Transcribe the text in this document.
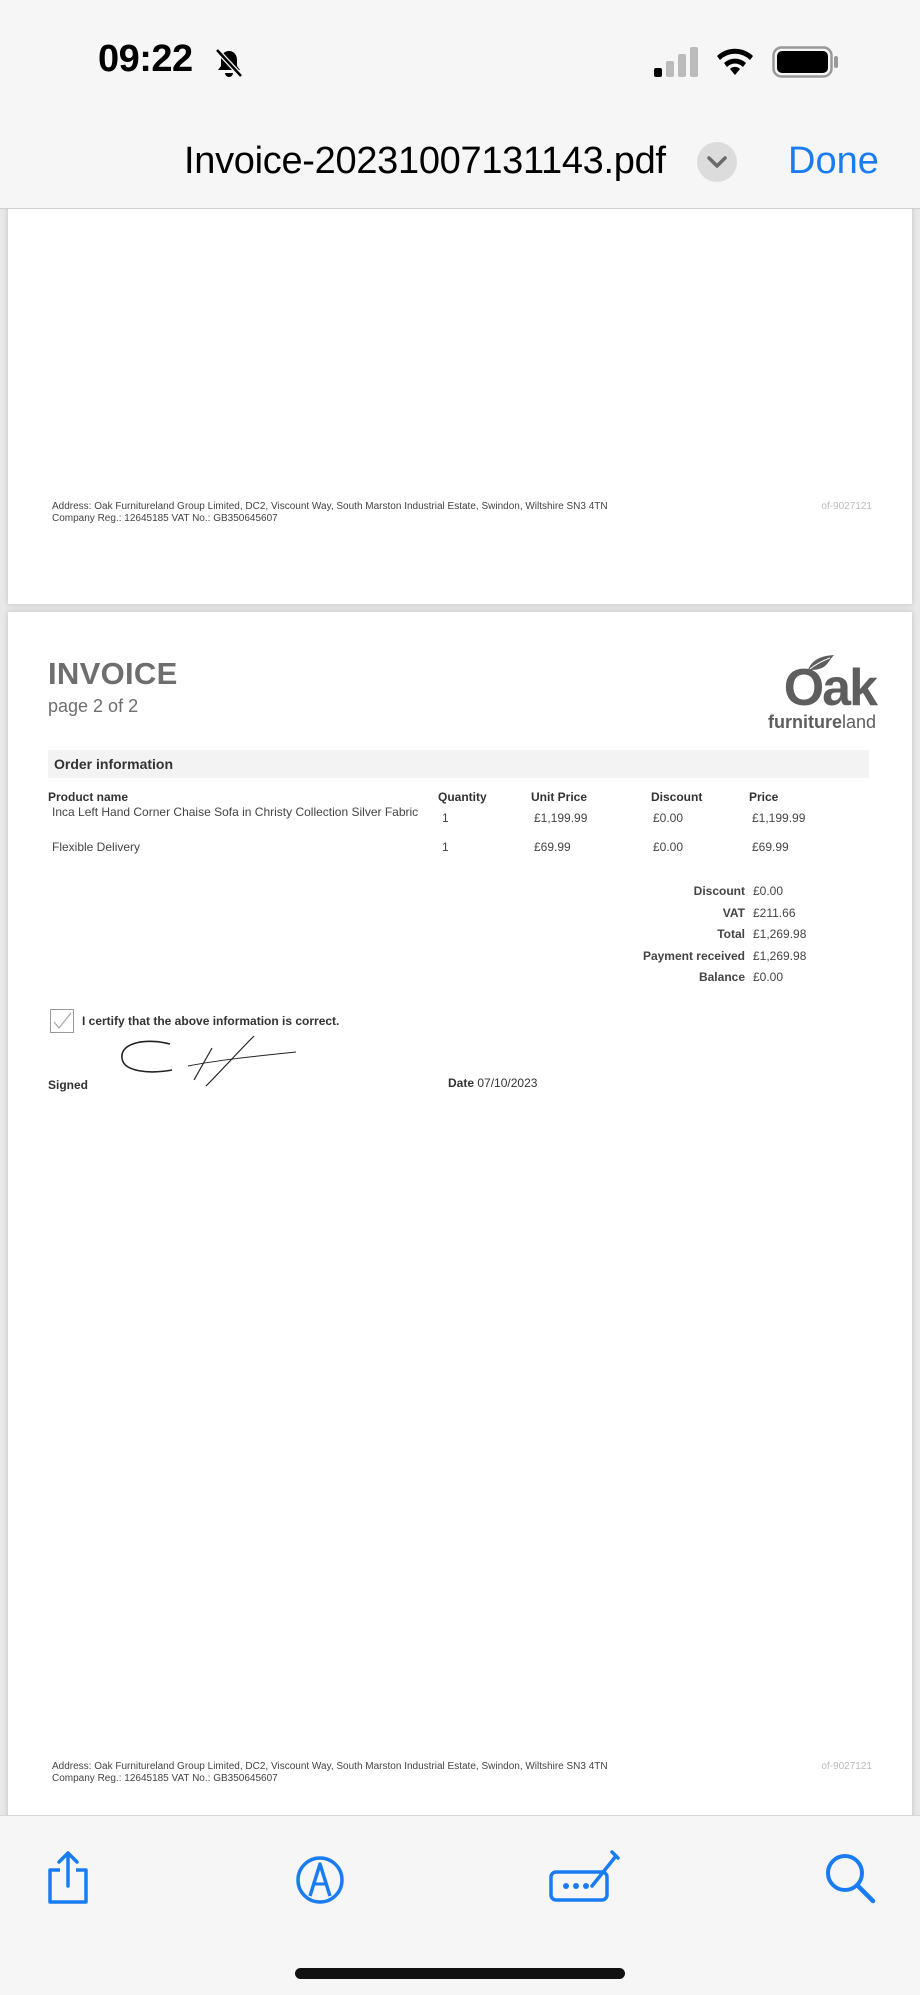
09:22
Invoice-20231007131143.pdf	Done
Address: Oak Furnitureland Group Limited, DC2, Viscount Way, South Marston Industrial Estate, Swindon, Wiltshire SN3 4TN
Company Reg.: 12645185 VAT No.: GB350645607
of-9027121
INVOICE
page 2 of 2	Oak
furnitureland
Order information
Product name	Quantity	Unit Price	Discount	Price
Inca Left Hand Corner Chaise Sofa in Christy Collection Silver Fabric	1	£1,199.99	£0.00	£1,199.99
Flexible Delivery	1	£69.99	£0.00	£69.99
Discount £0.00
VAT £211.66
Total £1,269.98
Payment received £1,269.98
Balance £0.00
I certify that the above information is correct.
Signed	Date 07/10/2023
Address: Oak Furnitureland Group Limited, DC2, Viscount Way, South Marston Industrial Estate, Swindon, Wiltshire SN3 4TN
Company Reg.: 12645185 VAT No.: GB350645607
of-9027121
